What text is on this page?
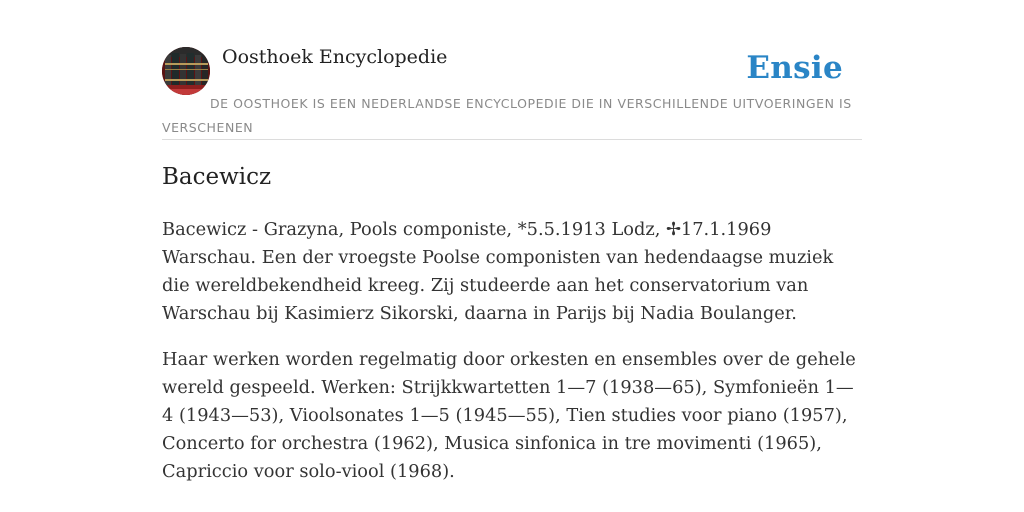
Oosthoek Encyclopedie	Ensie
DE OOSTHOEK IS EEN NEDERLANDSE ENCYCLOPEDIE DIE IN VERSCHILLENDE UITVOERINGEN IS VERSCHENEN
Bacewicz

Bacewicz - Grazyna, Pools componiste, *5.5.1913 Lodz, ✢17.1.1969 Warschau. Een der vroegste Poolse componisten van hedendaagse muziek die wereldbekendheid kreeg. Zij studeerde aan het conservatorium van Warschau bij Kasimierz Sikorski, daarna in Parijs bij Nadia Boulanger.

Haar werken worden regelmatig door orkesten en ensembles over de gehele wereld gespeeld. Werken: Strijkkwartetten 1—7 (1938—65), Symfonieën 1—4 (1943—53), Vioolsonates 1—5 (1945—55), Tien studies voor piano (1957), Concerto for orchestra (1962), Musica sinfonica in tre movimenti (1965), Capriccio voor solo-viool (1968).
